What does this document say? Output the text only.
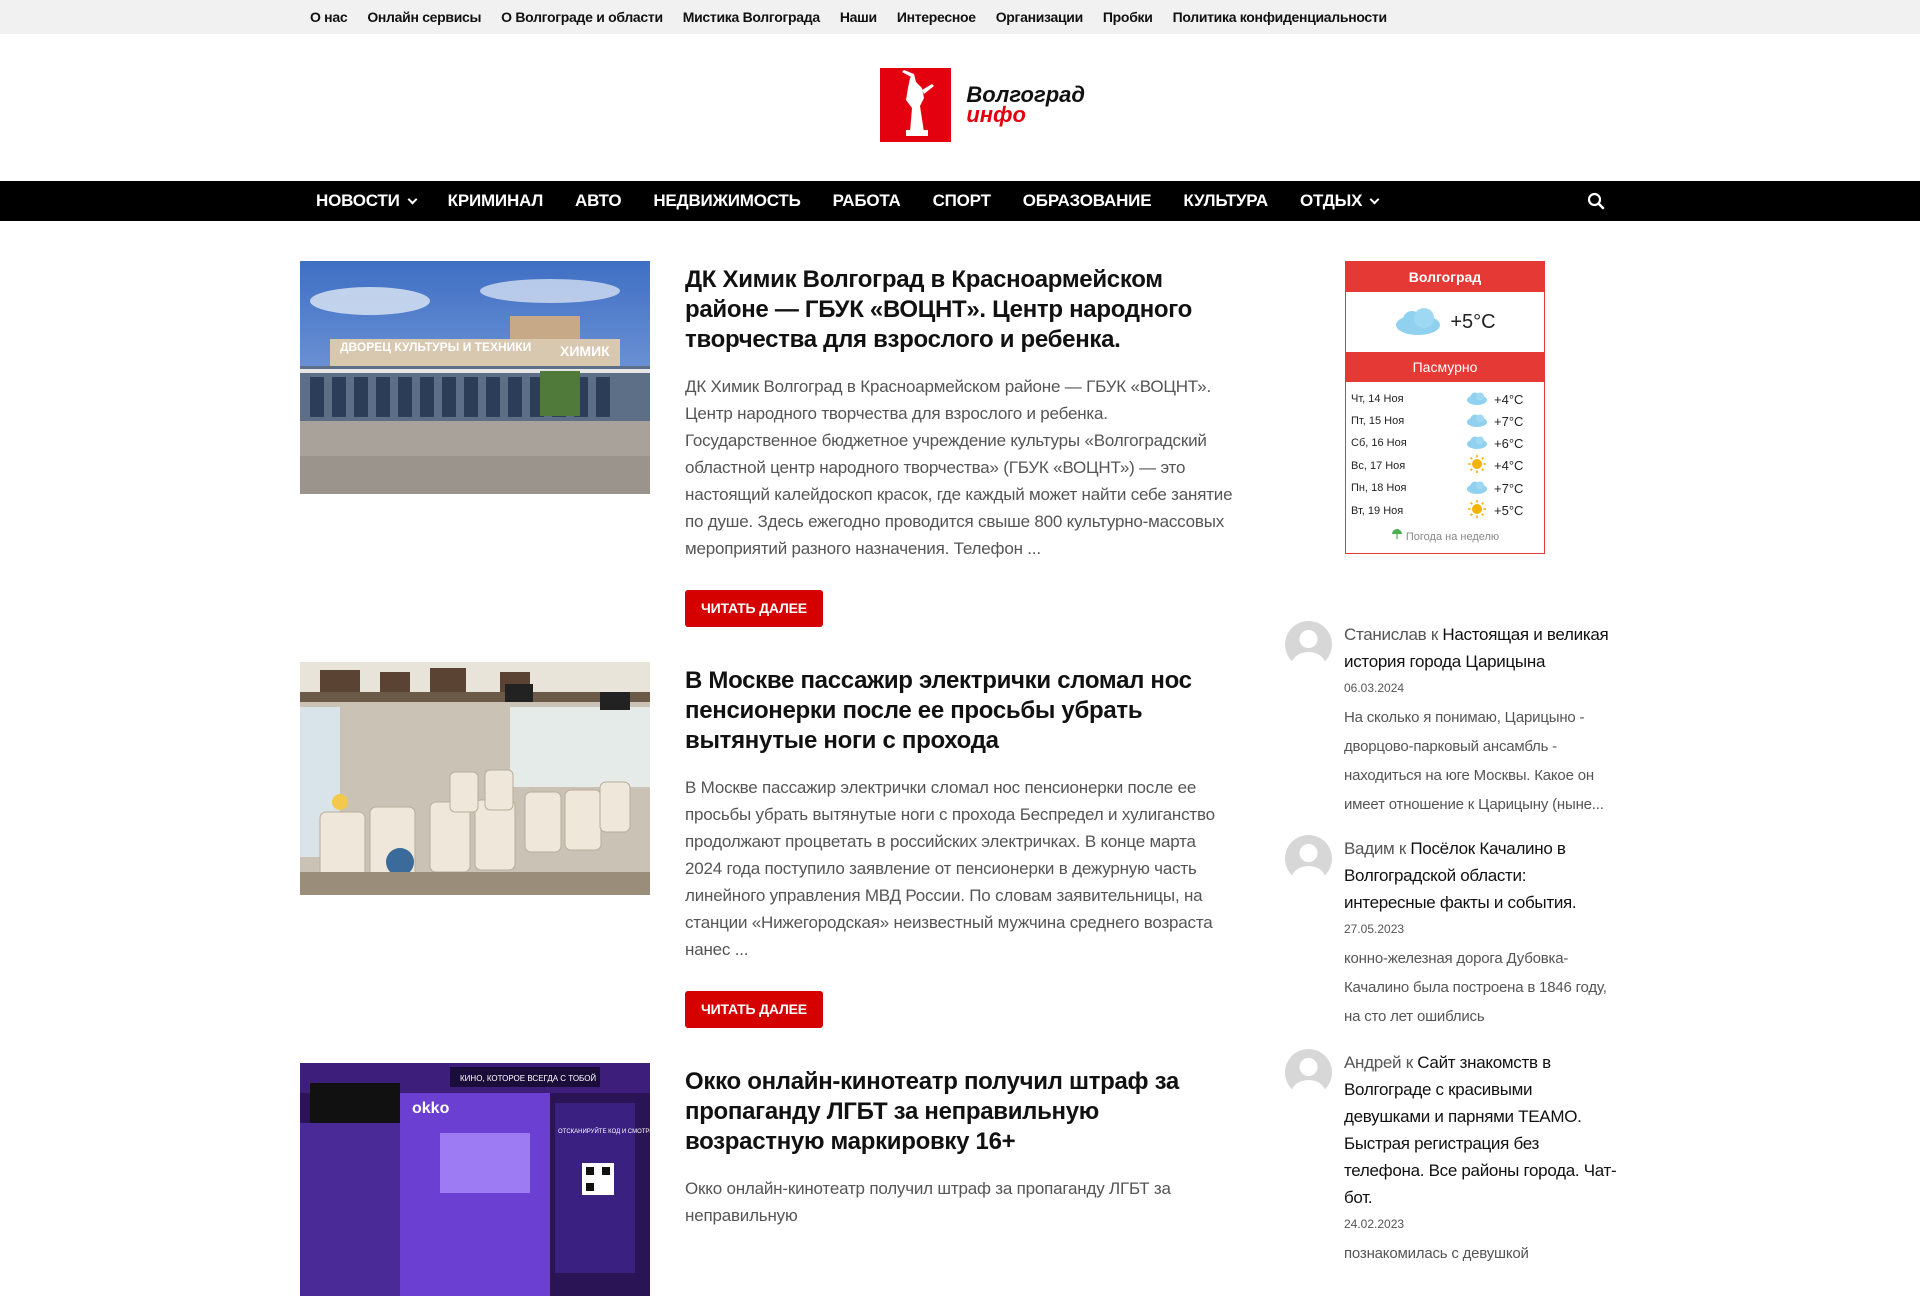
О нас Онлайн сервисы О Волгограде и области Мистика Волгограда Наши Интересное Организации Пробки Политика конфиденциальности
Волгоград
инфо
НОВОСТИ	КРИМИНАЛ АВТО НЕДВИЖИМОСТЬ РАБОТА СПОРТ ОБРАЗОВАНИЕ КУЛЬТУРА ОТДЫХ
ДВОРЕЦ КУЛЬТУРЫ И ТЕХНИКИ ХИМИК
ДК Химик Волгоград в Красноармейском районе — ГБУК «ВОЦНТ». Центр народного творчества для взрослого и ребенка.

ДК Химик Волгоград в Красноармейском районе — ГБУК «ВОЦНТ». Центр народного творчества для взрослого и ребенка. Государственное бюджетное учреждение культуры «Волгоградский областной центр народного творчества» (ГБУК «ВОЦНТ») — это настоящий калейдоскоп красок, где каждый может найти себе занятие по душе. Здесь ежегодно проводится свыше 800 культурно-массовых мероприятий разного назначения. Телефон ...

ЧИТАТЬ ДАЛЕЕ
В Москве пассажир электрички сломал нос пенсионерки после ее просьбы убрать вытянутые ноги с прохода

В Москве пассажир электрички сломал нос пенсионерки после ее просьбы убрать вытянутые ноги с прохода Беспредел и хулиганство продолжают процветать в российских электричках. В конце марта 2024 года поступило заявление от пенсионерки в дежурную часть линейного управления МВД России. По словам заявительницы, на станции «Нижегородская» неизвестный мужчина среднего возраста нанес ...

ЧИТАТЬ ДАЛЕЕ
КИНО, КОТОРОЕ ВСЕГДА С ТОБОЙ
okko
ОТСКАНИРУЙТЕ КОД И СМОТРИТЕ КИНО ГДЕ УГОДНО
Окко онлайн-кинотеатр получил штраф за пропаганду ЛГБТ за неправильную возрастную маркировку 16+

Окко онлайн-кинотеатр получил штраф за пропаганду ЛГБТ за неправильную

Волгоград
+5°C
Пасмурно
Чт, 14 Ноя		+4°C
Пт, 15 Ноя		+7°C
Сб, 16 Ноя		+6°C
Вс, 17 Ноя		+4°C
Пн, 18 Ноя		+7°C
Вт, 19 Ноя		+5°C
Погода на неделю
Станислав к Настоящая и великая история города Царицына
06.03.2024
На сколько я понимаю, Царицыно - дворцово-парковый ансамбль - находиться на юге Москвы. Какое он имеет отношение к Царицыну (ныне...
Вадим к Посёлок Качалино в Волгоградской области: интересные факты и события.
27.05.2023
конно-железная дорога Дубовка-Качалино была построена в 1846 году, на сто лет ошиблись
Андрей к Сайт знакомств в Волгограде с красивыми девушками и парнями TEAMO. Быстрая регистрация без телефона. Все районы города. Чат-бот.
24.02.2023
познакомилась с девушкой
